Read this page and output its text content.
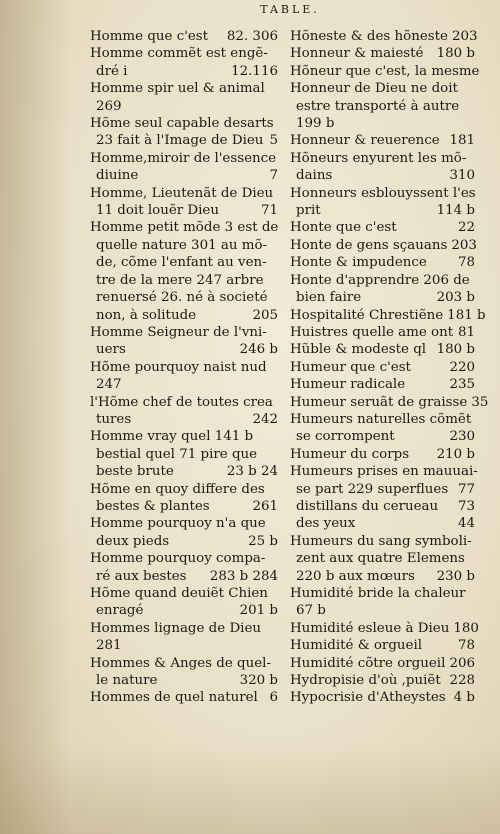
TABLE.
Homme que c'est 82. 306
Homme commẽt est engẽ-
dré i	12.116
Homme spir uel & animal
269
Hõme seul capable desarts
23 fait à l'Image de Dieu 5
Homme,miroir de l'essence
diuine	7
Homme, Lieutenãt de Dieu
11 doit louẽr Dieu	71
Homme petit mõde 3 est de
quelle nature 301 au mõ-
de, cõme l'enfant au ven-
tre de la mere 247 arbre
renuersé 26. né à societé
non, à solitude	205
Homme Seigneur de l'vni-
uers	246 b
Hõme pourquoy naist nud
247
l'Hõme chef de toutes crea
tures	242
Homme vray quel 141 b
bestial quel 71 pire que
beste brute	23 b 24
Hõme en quoy differe des
bestes & plantes	261
Homme pourquoy n'a que
deux pieds	25 b
Homme pourquoy compa-
ré aux bestes 283 b 284
Hõme quand deuiẽt Chien
enragé	201 b
Hommes lignage de Dieu
281
Hommes & Anges de quel-
le nature	320 b
Hommes de quel naturel 6
Hõneste & des hõneste 203
Honneur & maiesté 180 b
Hõneur que c'est, la mesme
Honneur de Dieu ne doit
estre transporté à autre
199 b
Honneur & reuerence 181
Hõneurs enyurent les mõ-
dains	310
Honneurs esblouyssent l'es
prit	114 b
Honte que c'est	22
Honte de gens sçauans 203
Honte & impudence 78
Honte d'apprendre 206 de
bien faire	203 b
Hospitalité Chrestiẽne 181 b
Huistres quelle ame ont 81
Hũble & modeste ql 180 b
Humeur que c'est	220
Humeur radicale	235
Humeur seruãt de graisse 35
Humeurs naturelles cõmẽt
se corrompent	230
Humeur du corps 210 b
Humeurs prises en mauuai-
se part 229 superflues 77
distillans du cerueau 73
des yeux	44
Humeurs du sang symboli-
zent aux quatre Elemens
220 b aux mœurs 230 b
Humidité bride la chaleur
67 b
Humidité esleue à Dieu 180
Humidité & orgueil	78
Humidité cõtre orgueil 206
Hydropisie d'où ,puiẽt 228
Hypocrisie d'Atheystes 4 b
